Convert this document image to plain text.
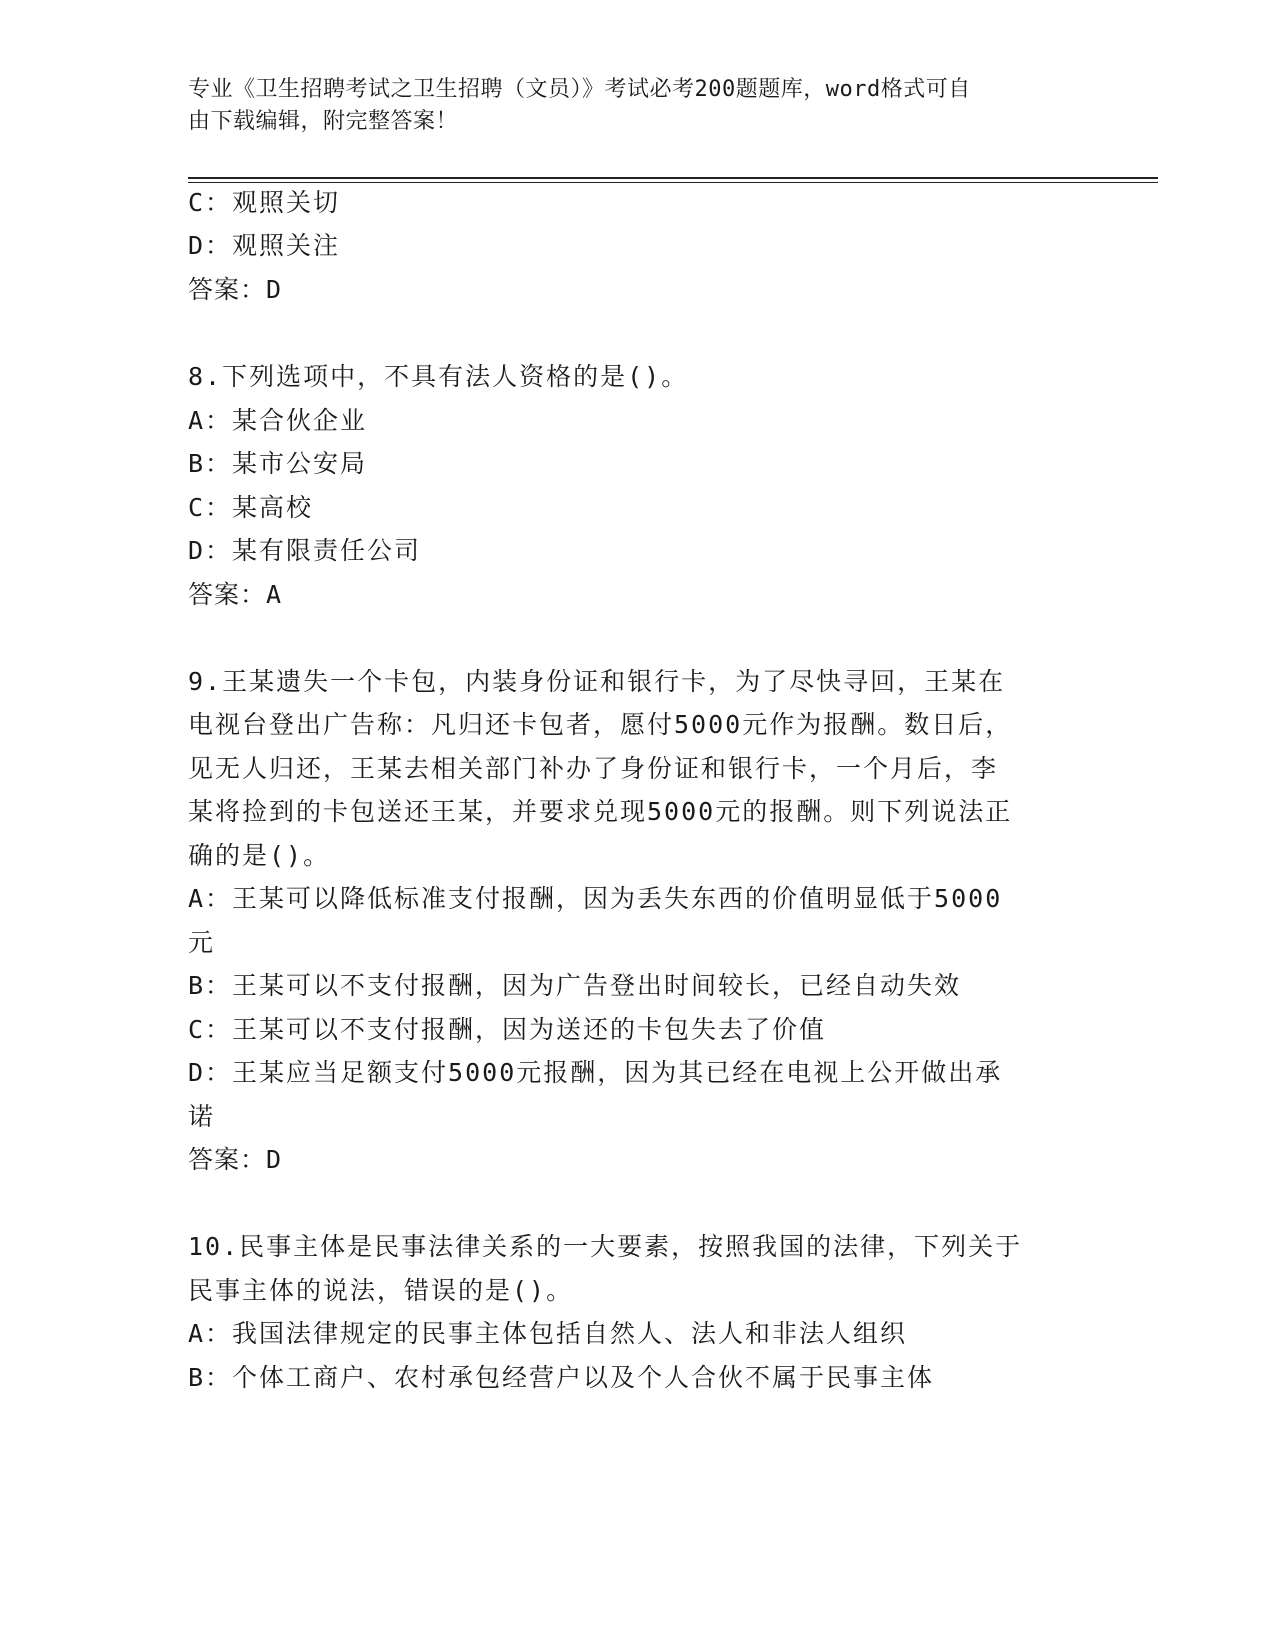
专业《卫生招聘考试之卫生招聘（文员）》考试必考200题题库，word格式可自
由下载编辑，附完整答案！
C：观照关切
D：观照关注
答案：D
8.下列选项中，不具有法人资格的是()。
A：某合伙企业
B：某市公安局
C：某高校
D：某有限责任公司
答案：A
9.王某遗失一个卡包，内装身份证和银行卡，为了尽快寻回，王某在
电视台登出广告称：凡归还卡包者，愿付5000元作为报酬。数日后，
见无人归还，王某去相关部门补办了身份证和银行卡，一个月后，李
某将捡到的卡包送还王某，并要求兑现5000元的报酬。则下列说法正
确的是()。
A：王某可以降低标准支付报酬，因为丢失东西的价值明显低于5000
元
B：王某可以不支付报酬，因为广告登出时间较长，已经自动失效
C：王某可以不支付报酬，因为送还的卡包失去了价值
D：王某应当足额支付5000元报酬，因为其已经在电视上公开做出承
诺
答案：D
10.民事主体是民事法律关系的一大要素，按照我国的法律，下列关于
民事主体的说法，错误的是()。
A：我国法律规定的民事主体包括自然人、法人和非法人组织
B：个体工商户、农村承包经营户以及个人合伙不属于民事主体
